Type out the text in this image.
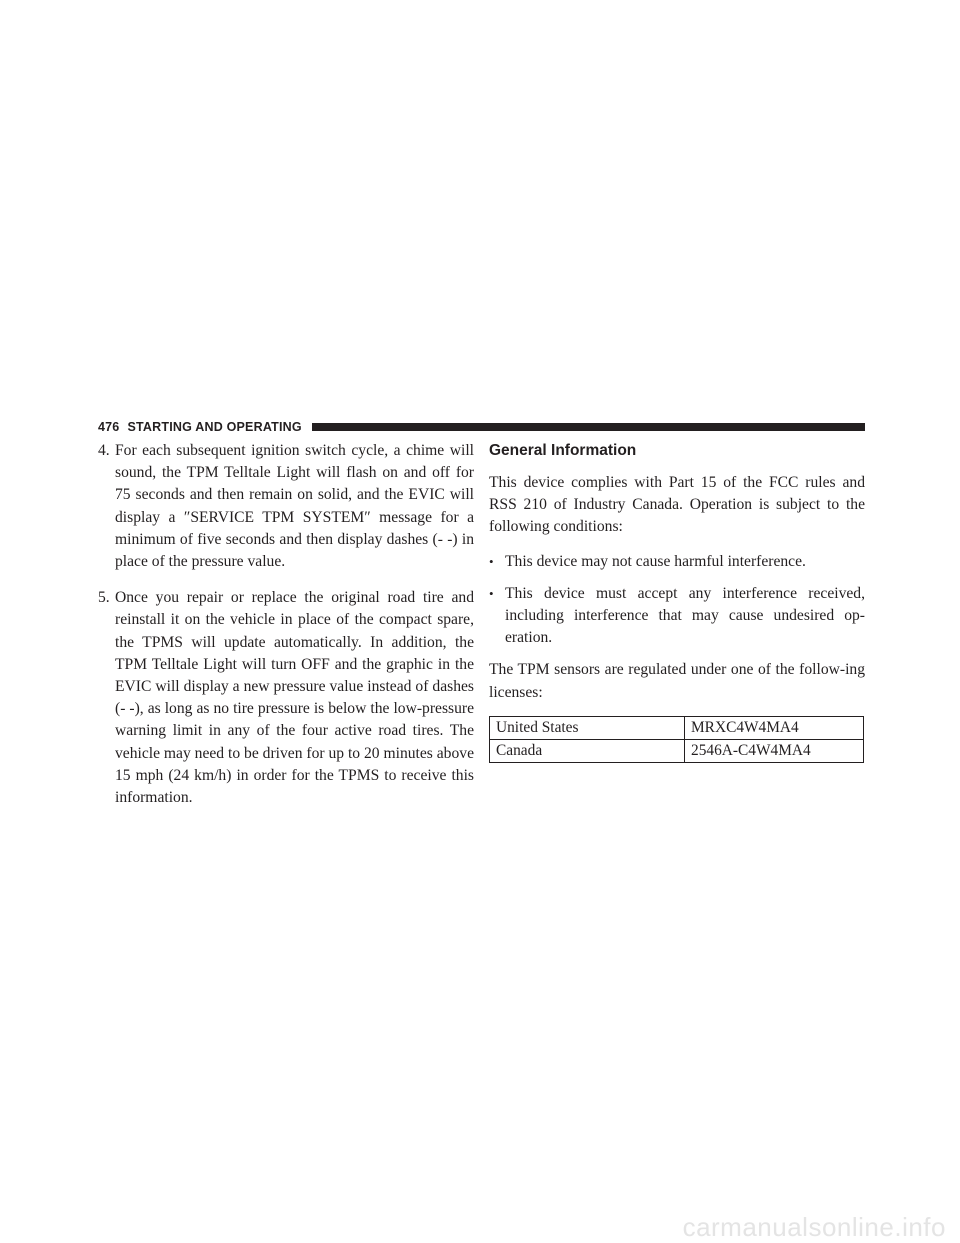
476 STARTING AND OPERATING
4. For each subsequent ignition switch cycle, a chime will sound, the TPM Telltale Light will flash on and off for 75 seconds and then remain on solid, and the EVIC will display a ″SERVICE TPM SYSTEM″ message for a minimum of five seconds and then display dashes (- -) in place of the pressure value.
5. Once you repair or replace the original road tire and reinstall it on the vehicle in place of the compact spare, the TPMS will update automatically. In addition, the TPM Telltale Light will turn OFF and the graphic in the EVIC will display a new pressure value instead of dashes (- -), as long as no tire pressure is below the low-pressure warning limit in any of the four active road tires. The vehicle may need to be driven for up to 20 minutes above 15 mph (24 km/h) in order for the TPMS to receive this information.
General Information

This device complies with Part 15 of the FCC rules and RSS 210 of Industry Canada. Operation is subject to the following conditions:

• This device may not cause harmful interference.
• This device must accept any interference received, including interference that may cause undesired op-eration.

The TPM sensors are regulated under one of the follow-ing licenses:

United States	MRXC4W4MA4
Canada	2546A-C4W4MA4
carmanualsonline.info
